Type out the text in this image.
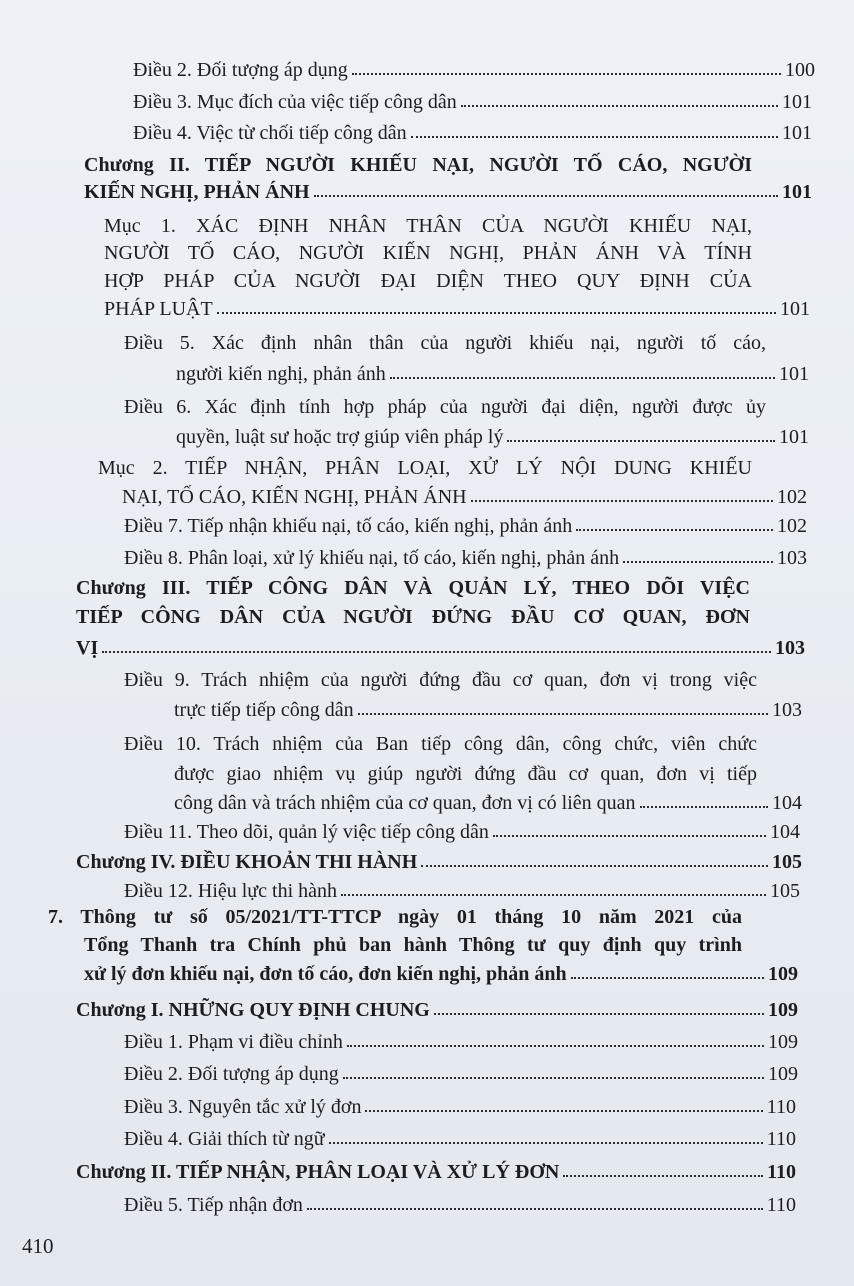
Điều 2. Đối tượng áp dụng	100
Điều 3. Mục đích của việc tiếp công dân	101
Điều 4. Việc từ chối tiếp công dân	101
Chương II. TIẾP NGƯỜI KHIẾU NẠI, NGƯỜI TỐ CÁO, NGƯỜI
KIẾN NGHỊ, PHẢN ÁNH	101
Mục 1. XÁC ĐỊNH NHÂN THÂN CỦA NGƯỜI KHIẾU NẠI,
NGƯỜI TỐ CÁO, NGƯỜI KIẾN NGHỊ, PHẢN ÁNH VÀ TÍNH
HỢP PHÁP CỦA NGƯỜI ĐẠI DIỆN THEO QUY ĐỊNH CỦA
PHÁP LUẬT	101
Điều 5. Xác định nhân thân của người khiếu nại, người tố cáo,
người kiến nghị, phản ánh	101
Điều 6. Xác định tính hợp pháp của người đại diện, người được ủy
quyền, luật sư hoặc trợ giúp viên pháp lý	101
Mục 2. TIẾP NHẬN, PHÂN LOẠI, XỬ LÝ NỘI DUNG KHIẾU
NẠI, TỐ CÁO, KIẾN NGHỊ, PHẢN ÁNH	102
Điều 7. Tiếp nhận khiếu nại, tố cáo, kiến nghị, phản ánh	102
Điều 8. Phân loại, xử lý khiếu nại, tố cáo, kiến nghị, phản ánh	103
Chương III. TIẾP CÔNG DÂN VÀ QUẢN LÝ, THEO DÕI VIỆC
TIẾP CÔNG DÂN CỦA NGƯỜI ĐỨNG ĐẦU CƠ QUAN, ĐƠN
VỊ	103
Điều 9. Trách nhiệm của người đứng đầu cơ quan, đơn vị trong việc
trực tiếp tiếp công dân	103
Điều 10. Trách nhiệm của Ban tiếp công dân, công chức, viên chức
được giao nhiệm vụ giúp người đứng đầu cơ quan, đơn vị tiếp
công dân và trách nhiệm của cơ quan, đơn vị có liên quan	104
Điều 11. Theo dõi, quản lý việc tiếp công dân	104
Chương IV. ĐIỀU KHOẢN THI HÀNH	105
Điều 12. Hiệu lực thi hành	105
7. Thông tư số 05/2021/TT-TTCP ngày 01 tháng 10 năm 2021 của
Tổng Thanh tra Chính phủ ban hành Thông tư quy định quy trình
xử lý đơn khiếu nại, đơn tố cáo, đơn kiến nghị, phản ánh	109
Chương I. NHỮNG QUY ĐỊNH CHUNG	109
Điều 1. Phạm vi điều chỉnh	109
Điều 2. Đối tượng áp dụng	109
Điều 3. Nguyên tắc xử lý đơn	110
Điều 4. Giải thích từ ngữ	110
Chương II. TIẾP NHẬN, PHÂN LOẠI VÀ XỬ LÝ ĐƠN	110
Điều 5. Tiếp nhận đơn	110
410
